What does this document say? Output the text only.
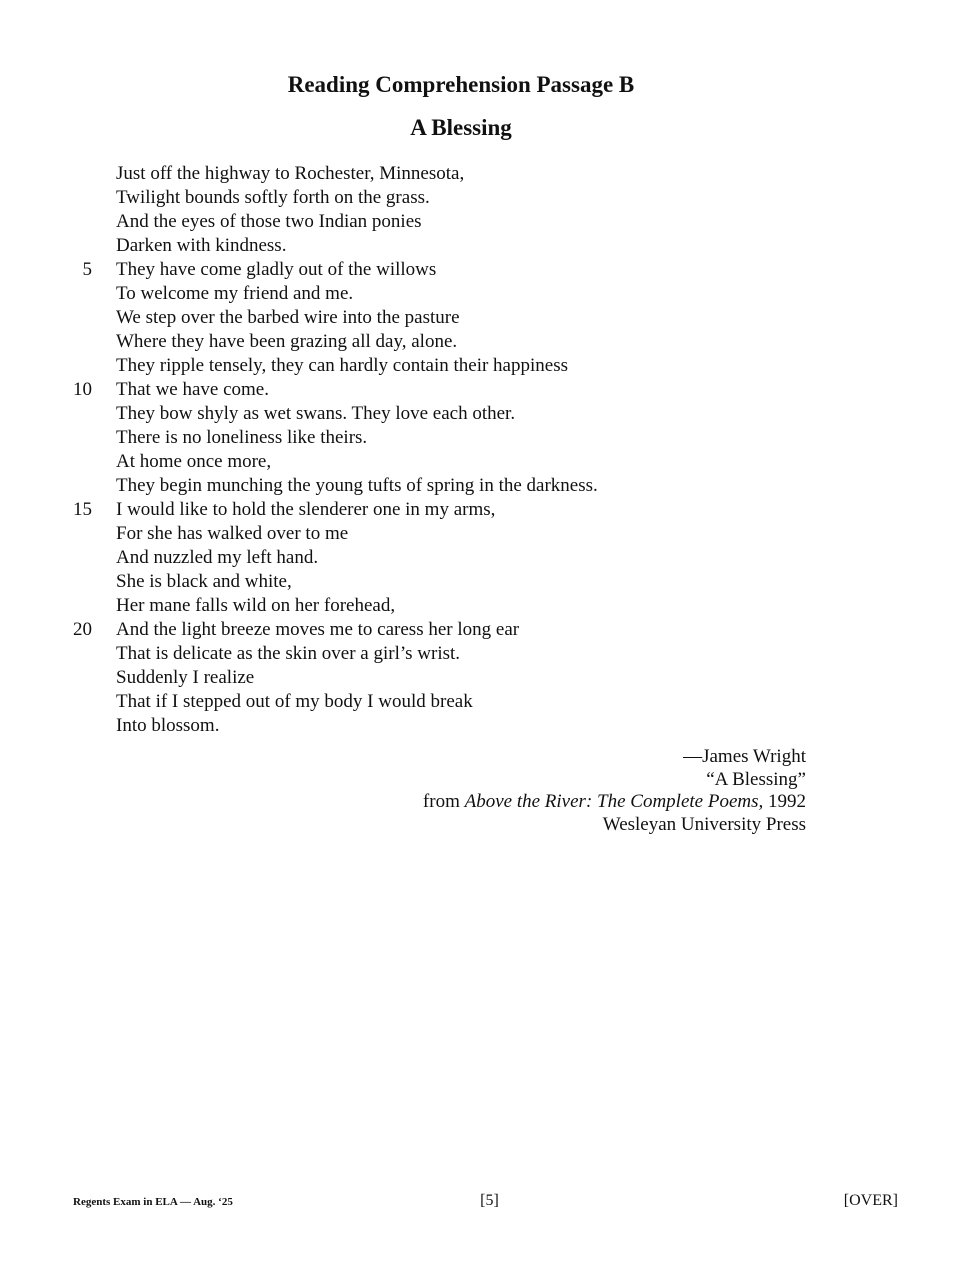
Reading Comprehension Passage B
A Blessing
Just off the highway to Rochester, Minnesota,
Twilight bounds softly forth on the grass.
And the eyes of those two Indian ponies
Darken with kindness.
5 They have come gladly out of the willows
To welcome my friend and me.
We step over the barbed wire into the pasture
Where they have been grazing all day, alone.
They ripple tensely, they can hardly contain their happiness
10 That we have come.
They bow shyly as wet swans. They love each other.
There is no loneliness like theirs.
At home once more,
They begin munching the young tufts of spring in the darkness.
15 I would like to hold the slenderer one in my arms,
For she has walked over to me
And nuzzled my left hand.
She is black and white,
Her mane falls wild on her forehead,
20 And the light breeze moves me to caress her long ear
That is delicate as the skin over a girl’s wrist.
Suddenly I realize
That if I stepped out of my body I would break
Into blossom.
—James Wright
“A Blessing”
from Above the River: The Complete Poems, 1992
Wesleyan University Press
Regents Exam in ELA — Aug. ‘25	[5]	[OVER]
